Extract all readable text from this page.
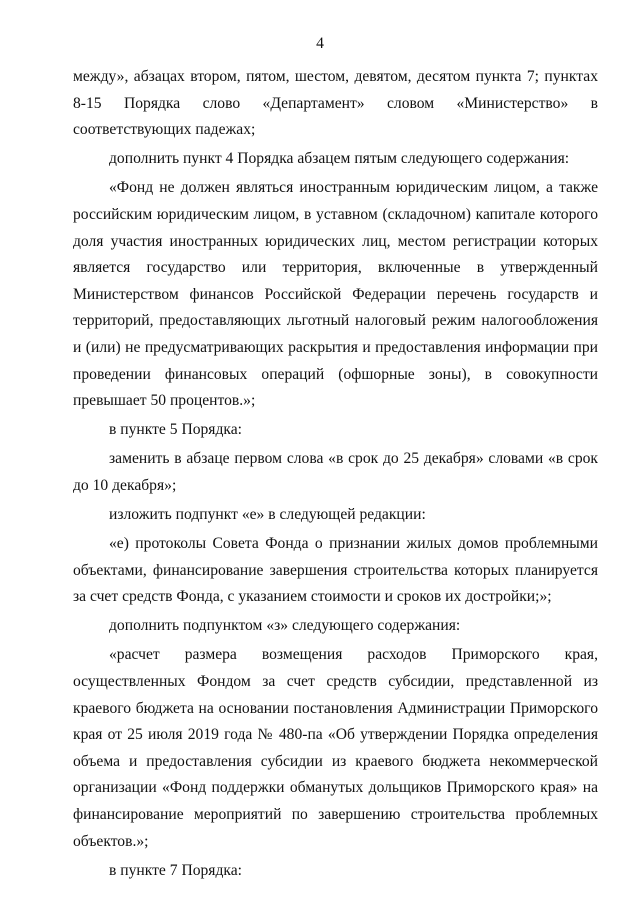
4

между», абзацах втором, пятом, шестом, девятом, десятом пункта 7; пунктах 8-15 Порядка слово «Департамент» словом «Министерство» в соответствующих падежах;

дополнить пункт 4 Порядка абзацем пятым следующего содержания:

«Фонд не должен являться иностранным юридическим лицом, а также российским юридическим лицом, в уставном (складочном) капитале которого доля участия иностранных юридических лиц, местом регистрации которых является государство или территория, включенные в утвержденный Министерством финансов Российской Федерации перечень государств и территорий, предоставляющих льготный налоговый режим налогообложения и (или) не предусматривающих раскрытия и предоставления информации при проведении финансовых операций (офшорные зоны), в совокупности превышает 50 процентов.»;

в пункте 5 Порядка:

заменить в абзаце первом слова «в срок до 25 декабря» словами «в срок до 10 декабря»;

изложить подпункт «е» в следующей редакции:

«е) протоколы Совета Фонда о признании жилых домов проблемными объектами, финансирование завершения строительства которых планируется за счет средств Фонда, с указанием стоимости и сроков их достройки;»;

дополнить подпунктом «з» следующего содержания:

«расчет размера возмещения расходов Приморского края, осуществленных Фондом за счет средств субсидии, представленной из краевого бюджета на основании постановления Администрации Приморского края от 25 июля 2019 года № 480-па «Об утверждении Порядка определения объема и предоставления субсидии из краевого бюджета некоммерческой организации «Фонд поддержки обманутых дольщиков Приморского края» на финансирование мероприятий по завершению строительства проблемных объектов.»;

в пункте 7 Порядка:
